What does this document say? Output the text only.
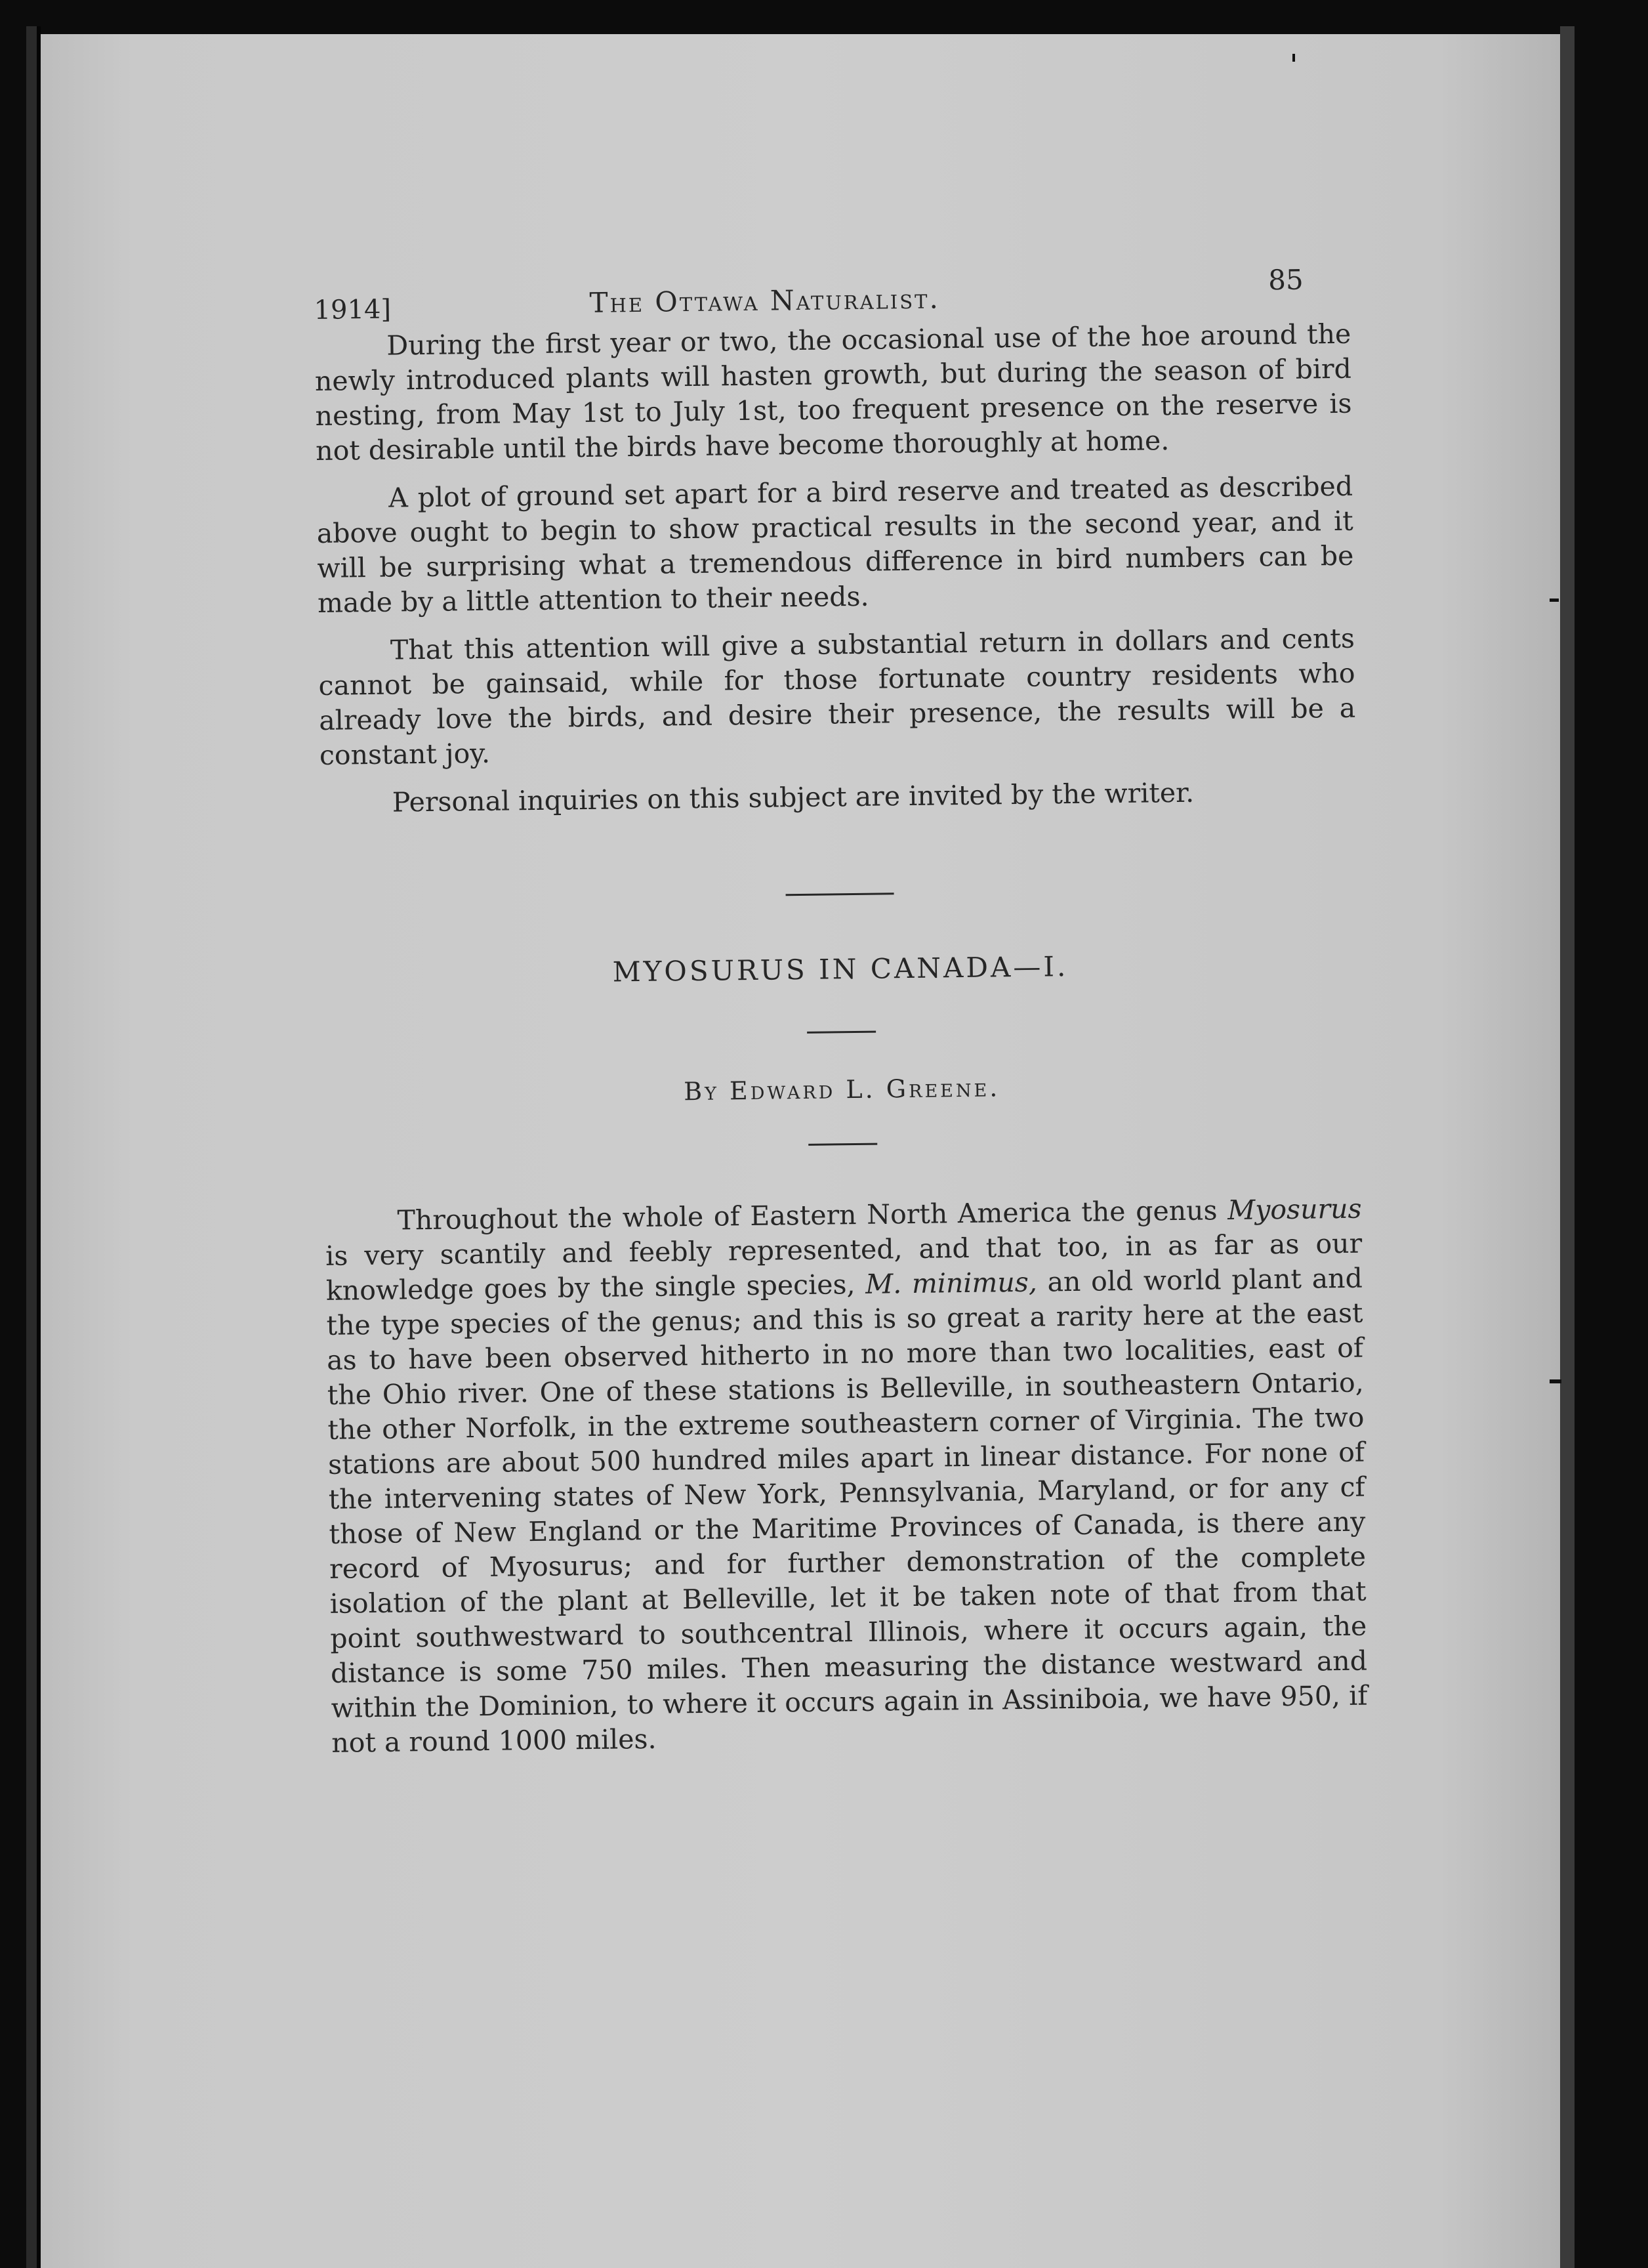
1914]	The Ottawa Naturalist.
85

During the first year or two, the occasional use of the hoe around the newly introduced plants will hasten growth, but during the season of bird nesting, from May 1st to July 1st, too frequent presence on the reserve is not desirable until the birds have become thoroughly at home.

A plot of ground set apart for a bird reserve and treated as described above ought to begin to show practical results in the second year, and it will be surprising what a tremendous difference in bird numbers can be made by a little attention to their needs.

That this attention will give a substantial return in dollars and cents cannot be gainsaid, while for those fortunate country residents who already love the birds, and desire their presence, the results will be a constant joy.

Personal inquiries on this subject are invited by the writer.

MYOSURUS IN CANADA—I.
By Edward L. Greene.

Throughout the whole of Eastern North America the genus Myosurus is very scantily and feebly represented, and that too, in as far as our knowledge goes by the single species, M. minimus, an old world plant and the type species of the genus; and this is so great a rarity here at the east as to have been observed hitherto in no more than two localities, east of the Ohio river. One of these stations is Belleville, in southeastern Ontario, the other Norfolk, in the extreme southeastern corner of Virginia. The two stations are about 500 hundred miles apart in linear distance. For none of the intervening states of New York, Pennsylvania, Maryland, or for any cf those of New England or the Maritime Provinces of Canada, is there any record of Myosurus; and for further demonstration of the complete isolation of the plant at Belleville, let it be taken note of that from that point southwestward to southcentral Illinois, where it occurs again, the distance is some 750 miles. Then measuring the distance westward and within the Dominion, to where it occurs again in Assiniboia, we have 950, if not a round 1000 miles.
